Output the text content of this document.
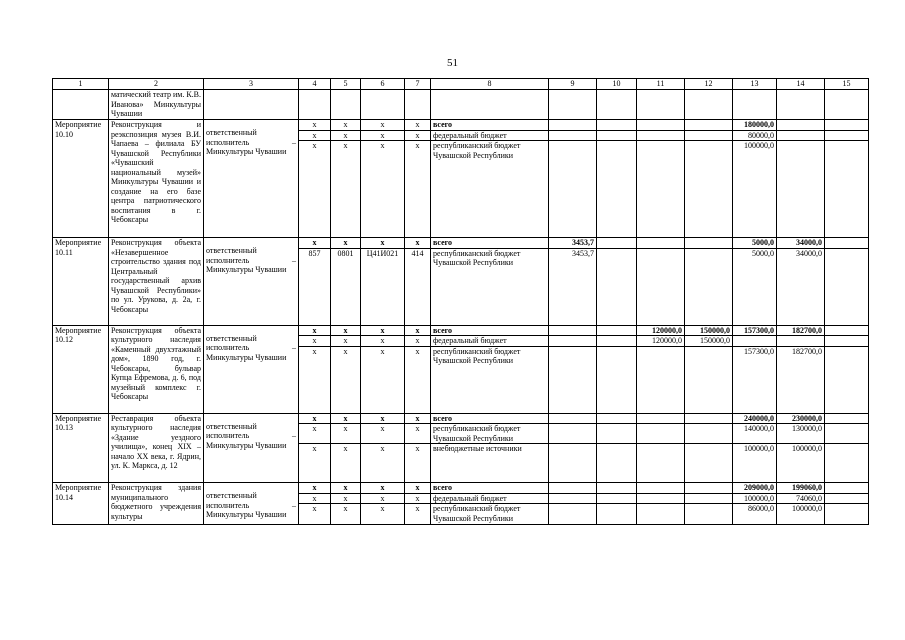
51
1	2	3	4	5	6	7	8	9	10	11	12	13	14	15
	матический театр им. К.В. Иванова» Минкультуры Чувашии													
Мероприятие 10.10	Реконструкция и реэкспозиция музея В.И. Чапаева – филиала БУ Чувашской Республики «Чувашский национальный музей» Минкультуры Чувашии и создание на его базе центра патриотического воспитания в г. Чебоксары	ответственный исполнитель – Минкультуры Чувашии	x	x	x	x	всего					180000,0		
			x	x	x	x	федеральный бюджет					80000,0		
			x	x	x	x	республиканский бюджет Чувашской Республики					100000,0		
Мероприятие 10.11	Реконструкция объекта «Незавершенное строительство здания под Центральный государственный архив Чувашской Республики» по ул. Урукова, д. 2а, г. Чебоксары	ответственный исполнитель – Минкультуры Чувашии	x	x	x	x	всего	3453,7				5000,0	34000,0	
			857	0801	Ц41И021	414	республиканский бюджет Чувашской Республики	3453,7				5000,0	34000,0	
Мероприятие 10.12	Реконструкция объекта культурного наследия «Каменный двухэтажный дом», 1890 год, г. Чебоксары, бульвар Купца Ефремова, д. 6, под музейный комплекс г. Чебоксары	ответственный исполнитель – Минкультуры Чувашии	x	x	x	x	всего			120000,0	150000,0	157300,0	182700,0	
			x	x	x	x	федеральный бюджет			120000,0	150000,0			
			x	x	x	x	республиканский бюджет Чувашской Республики					157300,0	182700,0	
Мероприятие 10.13	Реставрация объекта культурного наследия «Здание уездного училища», конец XIX – начало XX века, г. Ядрин, ул. К. Маркса, д. 12	ответственный исполнитель – Минкультуры Чувашии	x	x	x	x	всего					240000,0	230000,0	
			x	x	x	x	республиканский бюджет Чувашской Республики					140000,0	130000,0	
			x	x	x	x	внебюджетные источники					100000,0	100000,0	
Мероприятие 10.14	Реконструкция здания муниципального бюджетного учреждения культуры	ответственный исполнитель – Минкультуры Чувашии	x	x	x	x	всего					209000,0	199060,0	
			x	x	x	x	федеральный бюджет					100000,0	74060,0	
			x	x	x	x	республиканский бюджет Чувашской Республики					86000,0	100000,0	
